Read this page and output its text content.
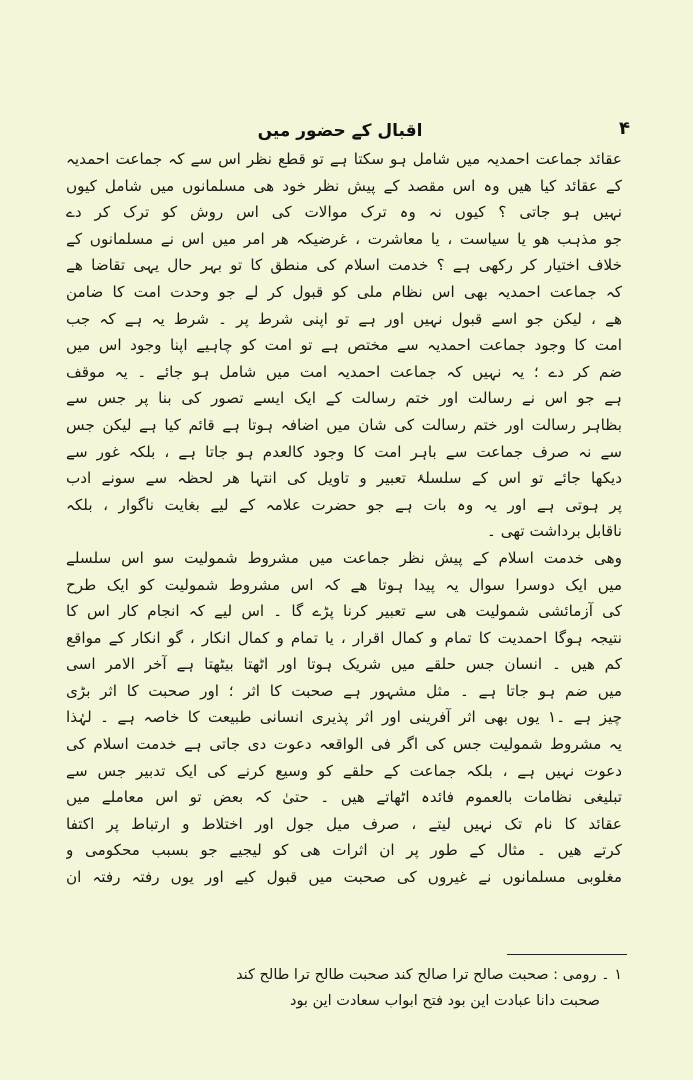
۴
اقبال کے حضور میں
عقائد جماعت احمدیہ میں شامل ہو سکتا ہے تو قطع نظر اس سے کہ جماعت احمدیہ
کے عقائد کیا ھیں وہ اس مقصد کے پیش نظر خود ھی مسلمانوں میں شامل کیوں
نہیں ہو جاتی ؟ کیوں نہ وہ ترک موالات کی اس روش کو ترک کر دے
جو مذہب ھو یا سیاست ، یا معاشرت ، غرضیکہ ھر امر میں اس نے مسلمانوں کے
خلاف اختیار کر رکھی ہے ؟ خدمت اسلام کی منطق کا تو بہر حال یہی تقاضا ھے
کہ جماعت احمدیہ بھی اس نظام ملی کو قبول کر لے جو وحدت امت کا ضامن
ھے ، لیکن جو اسے قبول نہیں اور ہے تو اپنی شرط پر ۔ شرط یہ ہے کہ جب
امت کا وجود جماعت احمدیہ سے مختص ہے تو امت کو چاہیے اپنا وجود اس میں
ضم کر دے ؛ یہ نہیں کہ جماعت احمدیہ امت میں شامل ہو جائے ۔ یہ موقف
ہے جو اس نے رسالت اور ختم رسالت کے ایک ایسے تصور کی بنا پر جس سے
بظاہر رسالت اور ختم رسالت کی شان میں اضافہ ہوتا ہے قائم کیا ہے لیکن جس
سے نہ صرف جماعت سے باہر امت کا وجود کالعدم ہو جاتا ہے ، بلکہ غور سے
دیکھا جائے تو اس کے سلسلۂ تعبیر و تاویل کی انتہا ھر لحظہ سے سونے ادب
پر ہوتی ہے اور یہ وہ بات ہے جو حضرت علامہ کے لیے بغایت ناگوار ، بلکہ
ناقابل برداشت تھی ۔
وھی خدمت اسلام کے پیش نظر جماعت میں مشروط شمولیت سو اس سلسلے
میں ایک دوسرا سوال یہ پیدا ہوتا ھے کہ اس مشروط شمولیت کو ایک طرح
کی آزمائشی شمولیت ھی سے تعبیر کرنا پڑے گا ۔ اس لیے کہ انجام کار اس کا
نتیجہ ہوگا احمدیت کا تمام و کمال اقرار ، یا تمام و کمال انکار ، گو انکار کے مواقع
کم ھیں ۔ انسان جس حلقے میں شریک ہوتا اور اٹھتا بیٹھتا ہے آخر الامر اسی
میں ضم ہو جاتا ہے ۔ مثل مشہور ہے صحبت کا اثر ؛ اور صحبت کا اثر بڑی
چیز ہے ۔۱ یوں بھی اثر آفرینی اور اثر پذیری انسانی طبیعت کا خاصہ ہے ۔ لہٰذا
یہ مشروط شمولیت جس کی اگر فی الواقعہ دعوت دی جاتی ہے خدمت اسلام کی
دعوت نہیں ہے ، بلکہ جماعت کے حلقے کو وسیع کرنے کی ایک تدبیر جس سے
تبلیغی نظامات بالعموم فائدہ اٹھاتے ھیں ۔ حتیٰ کہ بعض تو اس معاملے میں
عقائد کا نام تک نہیں لیتے ، صرف میل جول اور اختلاط و ارتباط پر اکتفا
کرتے ھیں ۔ مثال کے طور پر ان اثرات ھی کو لیجیے جو بسبب محکومی و
مغلوبی مسلمانوں نے غیروں کی صحبت میں قبول کیے اور یوں رفتہ رفتہ ان
۱ ۔ رومی : صحبت صالح ترا صالح کند صحبت طالح ترا طالح کند
صحبت دانا عبادت این بود فتح ابواب سعادت این بود
